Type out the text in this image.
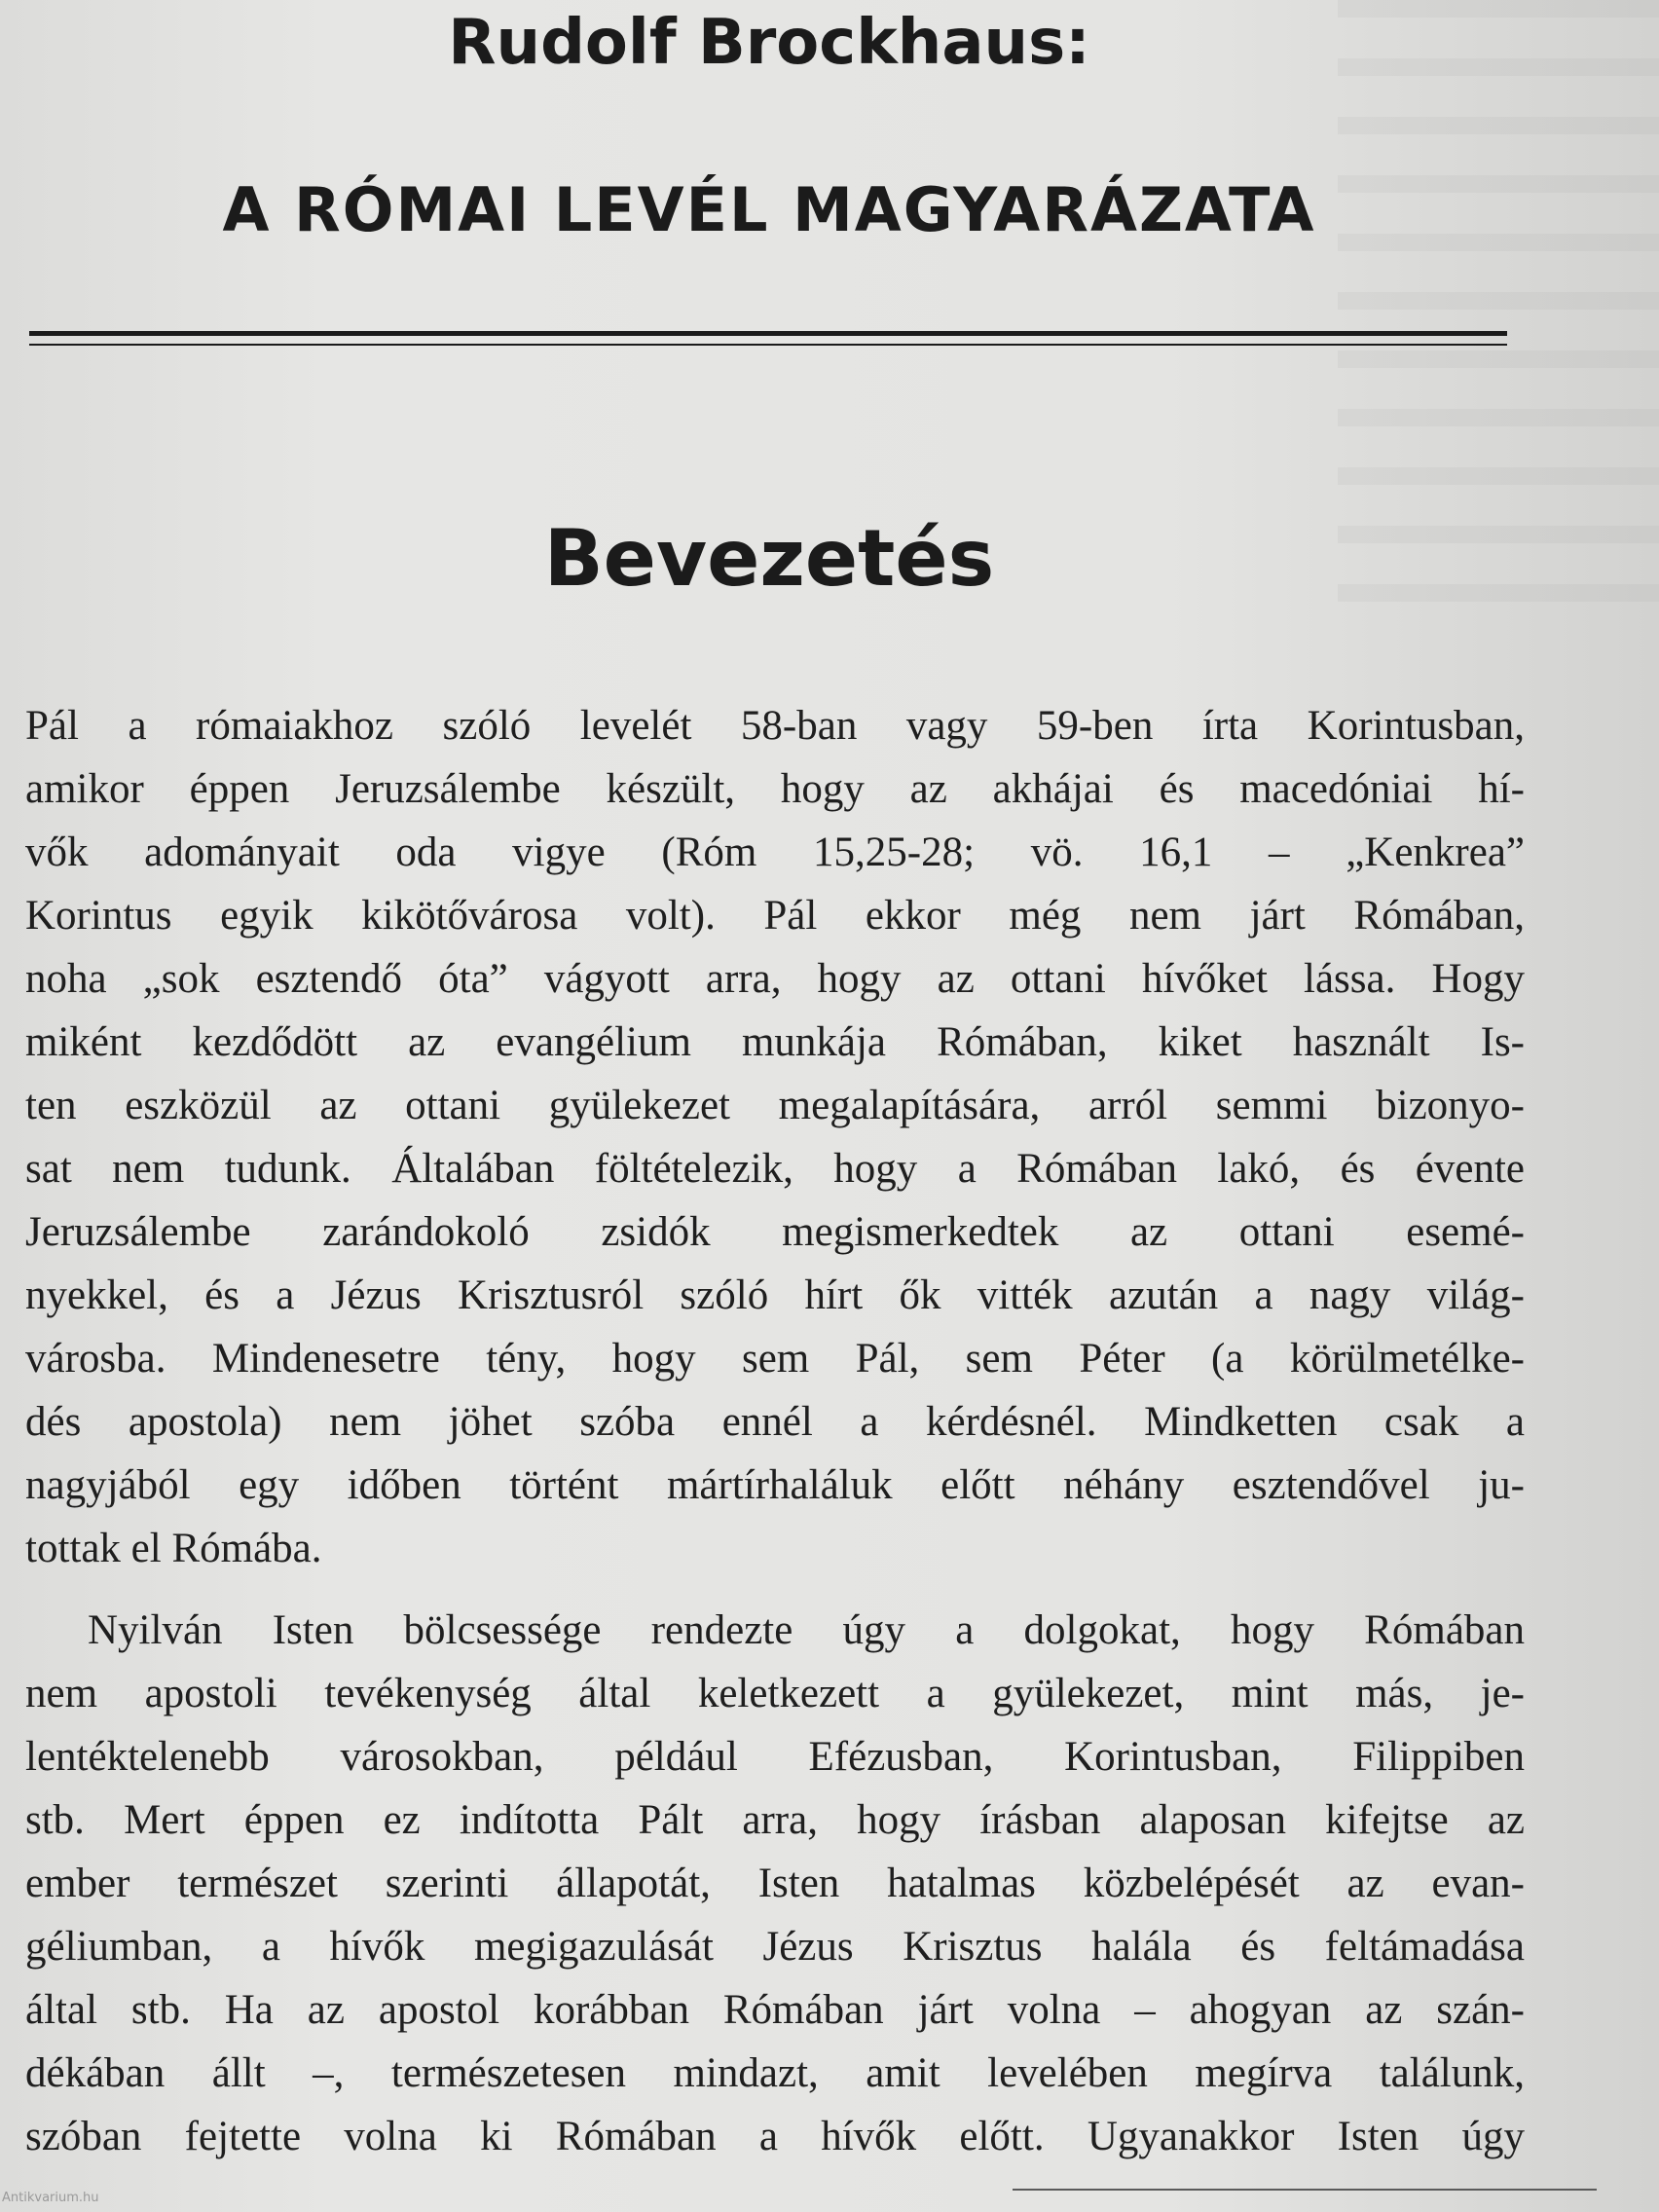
Rudolf Brockhaus:
A RÓMAI LEVÉL MAGYARÁZATA
Bevezetés
Pál a rómaiakhoz szóló levelét 58-ban vagy 59-ben írta Korintusban,
amikor éppen Jeruzsálembe készült, hogy az akhájai és macedóniai hí-
vők adományait oda vigye (Róm 15,25-28; vö. 16,1 – „Kenkrea”
Korintus egyik kikötővárosa volt). Pál ekkor még nem járt Rómában,
noha „sok esztendő óta” vágyott arra, hogy az ottani hívőket lássa. Hogy
miként kezdődött az evangélium munkája Rómában, kiket használt Is-
ten eszközül az ottani gyülekezet megalapítására, arról semmi bizonyo-
sat nem tudunk. Általában föltételezik, hogy a Rómában lakó, és évente
Jeruzsálembe zarándokoló zsidók megismerkedtek az ottani esemé-
nyekkel, és a Jézus Krisztusról szóló hírt ők vitték azután a nagy világ-
városba. Mindenesetre tény, hogy sem Pál, sem Péter (a körülmetélke-
dés apostola) nem jöhet szóba ennél a kérdésnél. Mindketten csak a
nagyjából egy időben történt mártírhaláluk előtt néhány esztendővel ju-
tottak el Rómába.
Nyilván Isten bölcsessége rendezte úgy a dolgokat, hogy Rómában
nem apostoli tevékenység által keletkezett a gyülekezet, mint más, je-
lentéktelenebb városokban, például Efézusban, Korintusban, Filippiben
stb. Mert éppen ez indította Pált arra, hogy írásban alaposan kifejtse az
ember természet szerinti állapotát, Isten hatalmas közbelépését az evan-
géliumban, a hívők megigazulását Jézus Krisztus halála és feltámadása
által stb. Ha az apostol korábban Rómában járt volna – ahogyan az szán-
dékában állt –, természetesen mindazt, amit levelében megírva találunk,
szóban fejtette volna ki Rómában a hívők előtt. Ugyanakkor Isten úgy
Antikvarium.hu
